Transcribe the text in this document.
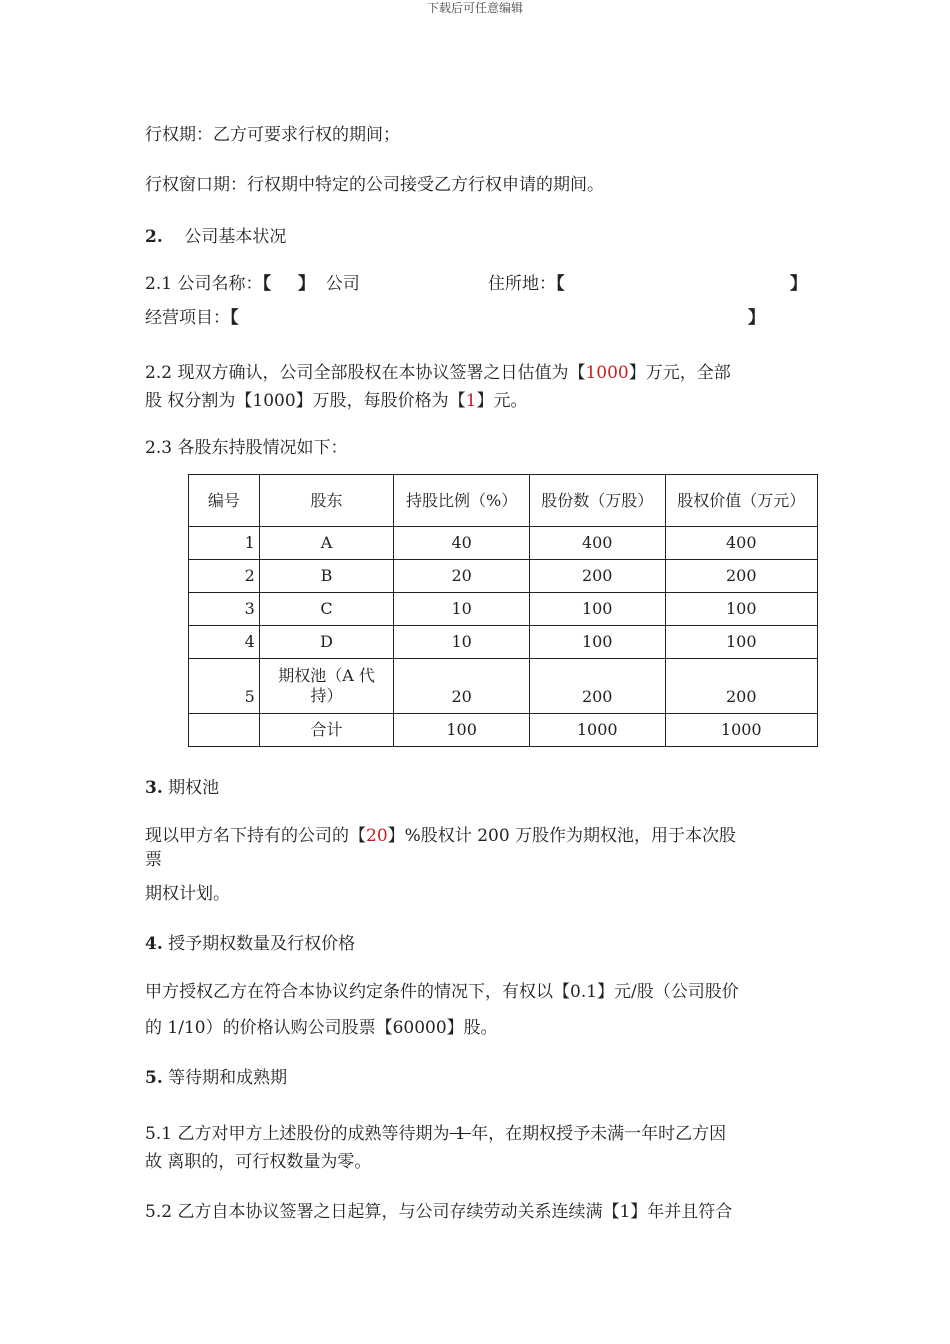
下载后可任意编辑
行权期：乙方可要求行权的期间；
行权窗口期：行权期中特定的公司接受乙方行权申请的期间。
2. 公司基本状况
2.1 公司名称：【 】 公司	住所地：【	】
经营项目：【	】
2.2 现双方确认，公司全部股权在本协议签署之日估值为【1000】万元，全部
股 权分割为【1000】万股，每股价格为【1】元。
2.3 各股东持股情况如下：
编号	股东	持股比例（%）	股份数（万股）	股权价值（万元）
1	A	40	400	400
2	B	20	200	200
3	C	10	100	100
4	D	10	100	100
5	期权池（A 代持）	20	200	200
	合计	100	1000	1000
3. 期权池
现以甲方名下持有的公司的【20】%股权计 200 万股作为期权池，用于本次股
票
期权计划。
4. 授予期权数量及行权价格
甲方授权乙方在符合本协议约定条件的情况下，有权以【0.1】元/股（公司股价
的 1/10）的价格认购公司股票【60000】股。
5. 等待期和成熟期
5.1 乙方对甲方上述股份的成熟等待期为 1 年，在期权授予未满一年时乙方因
故 离职的，可行权数量为零。
5.2 乙方自本协议签署之日起算，与公司存续劳动关系连续满【1】年并且符合
